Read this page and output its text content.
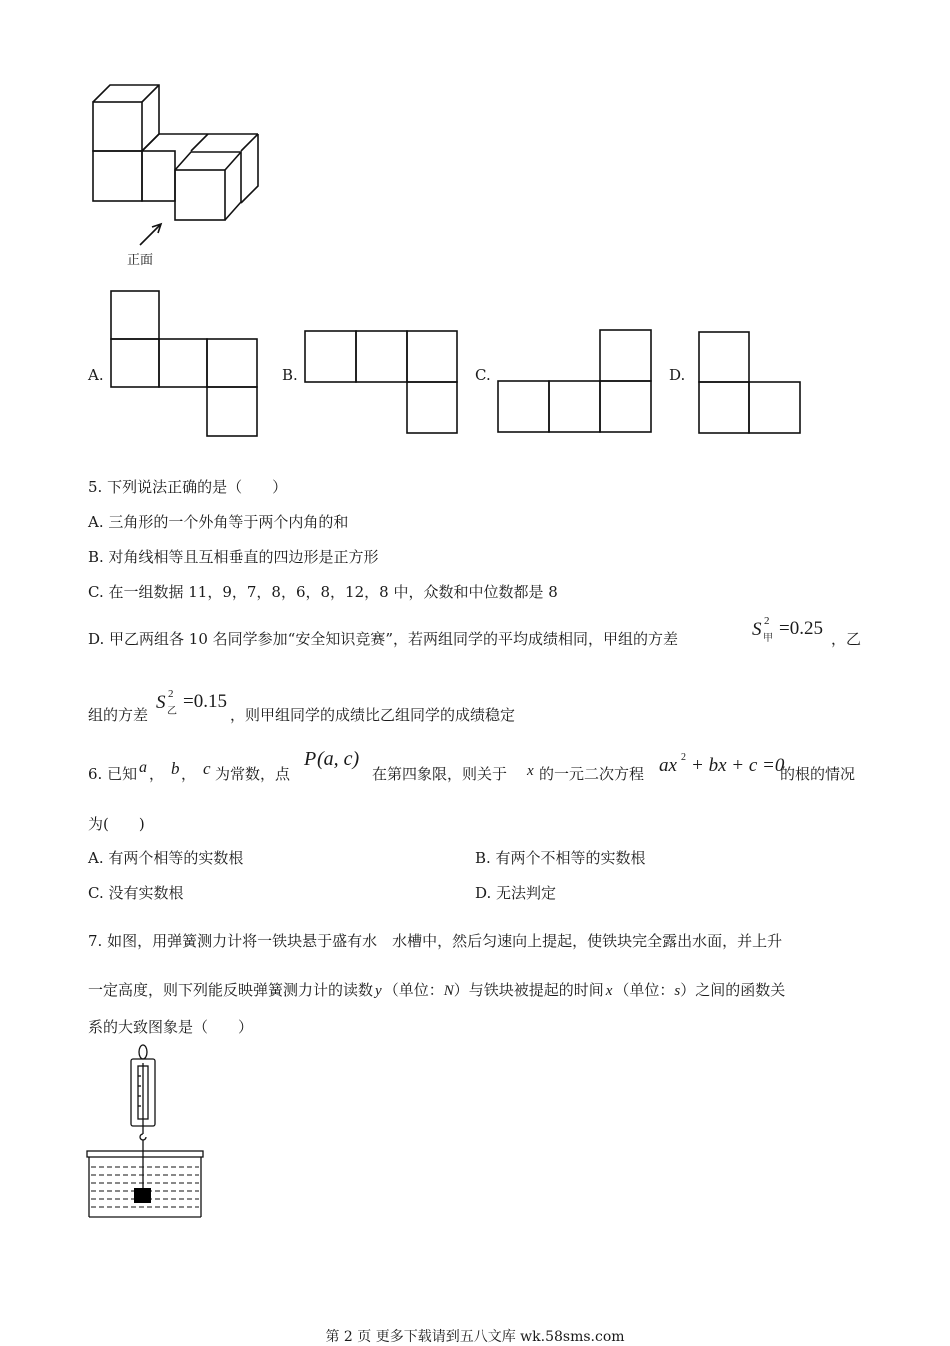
正面
A.	B.	C.	D.
5. 下列说法正确的是（　　）
A. 三角形的一个外角等于两个内角的和
B. 对角线相等且互相垂直的四边形是正方形
C. 在一组数据 11，9，7，8，6，8，12，8 中，众数和中位数都是 8
D. 甲乙两组各 10 名同学参加“安全知识竞赛”，若两组同学的平均成绩相同，甲组的方差	S 2
甲 =0.25 ，乙
组的方差
S 2
乙 =0.15
，则甲组同学的成绩比乙组同学的成绩稳定
6. 已知 a ， b ， c 为常数，点
P (a, c)
在第四象限，则关于 x 的一元二次方程 ax 2 + bx + c =0
的根的情况
为(　　)
A. 有两个相等的实数根	B. 有两个不相等的实数根
C. 没有实数根	D. 无法判定
7. 如图，用弹簧测力计将一铁块悬于盛有水　水槽中，然后匀速向上提起，使铁块完全露出水面，并上升
一定高度，则下列能反映弹簧测力计的读数 y （单位：N）与铁块被提起的时间 x （单位：s）之间的函数关
系的大致图象是（　　）
第 2 页 更多下载请到五八文库 wk.58sms.com
